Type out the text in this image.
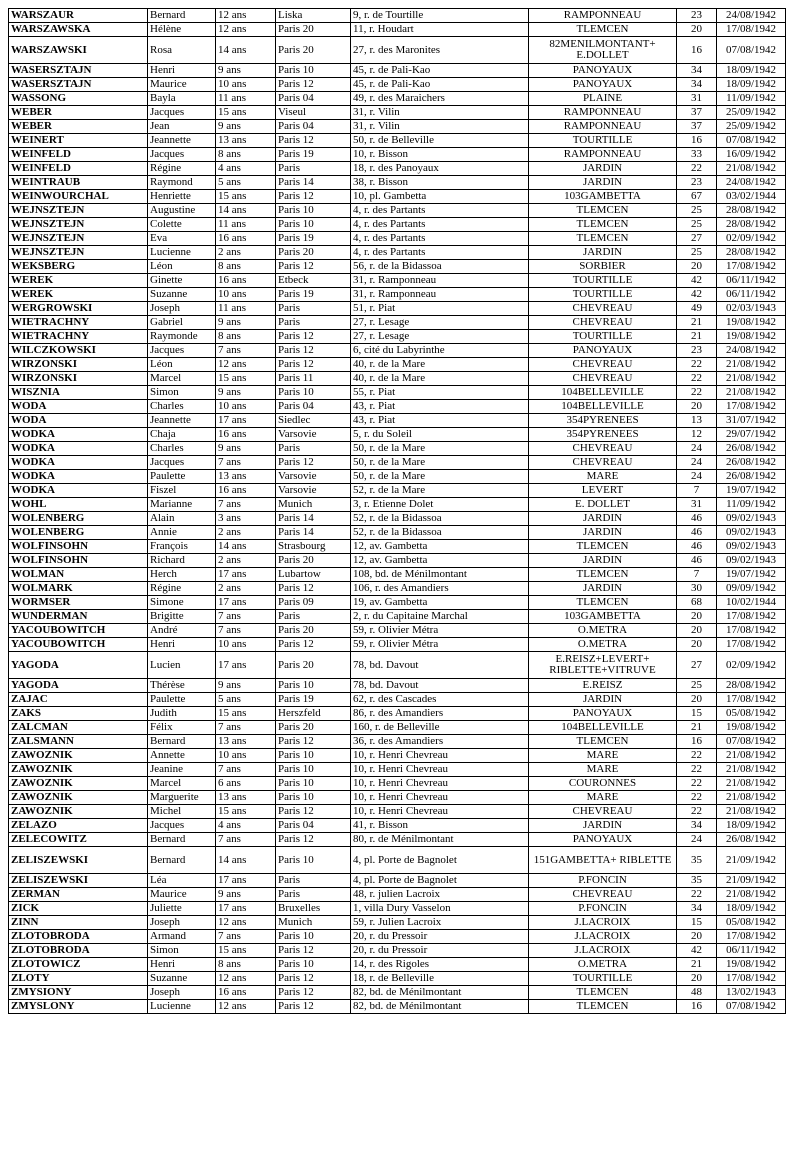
WARSZAUR	Bernard	12 ans	Liska	9, r. de Tourtille	RAMPONNEAU	23	24/08/1942
WARSZAWSKA	Hélène	12 ans	Paris 20	11, r. Houdart	TLEMCEN	20	17/08/1942
WARSZAWSKI	Rosa	14 ans	Paris 20	27, r. des Maronites	82MENILMONTANT+ E.DOLLET	16	07/08/1942
WASERSZTAJN	Henri	9 ans	Paris 10	45, r. de Pali-Kao	PANOYAUX	34	18/09/1942
WASERSZTAJN	Maurice	10 ans	Paris 12	45, r. de Pali-Kao	PANOYAUX	34	18/09/1942
WASSONG	Bayla	11 ans	Paris 04	49, r. des Maraichers	PLAINE	31	11/09/1942
WEBER	Jacques	15 ans	Viseul	31, r. Vilin	RAMPONNEAU	37	25/09/1942
WEBER	Jean	9 ans	Paris 04	31, r. Vilin	RAMPONNEAU	37	25/09/1942
WEINERT	Jeannette	13 ans	Paris 12	50, r. de Belleville	TOURTILLE	16	07/08/1942
WEINFELD	Jacques	8 ans	Paris 19	10, r. Bisson	RAMPONNEAU	33	16/09/1942
WEINFELD	Régine	4 ans	Paris	18, r. des Panoyaux	JARDIN	22	21/08/1942
WEINTRAUB	Raymond	5 ans	Paris 14	38, r. Bisson	JARDIN	23	24/08/1942
WEINWOURCHAL	Henriette	15 ans	Paris 12	10, pl. Gambetta	103GAMBETTA	67	03/02/1944
WEJNSZTEJN	Augustine	14 ans	Paris 10	4, r. des Partants	TLEMCEN	25	28/08/1942
WEJNSZTEJN	Colette	11 ans	Paris 10	4, r. des Partants	TLEMCEN	25	28/08/1942
WEJNSZTEJN	Eva	16 ans	Paris 19	4, r. des Partants	TLEMCEN	27	02/09/1942
WEJNSZTEJN	Lucienne	2 ans	Paris 20	4, r. des Partants	JARDIN	25	28/08/1942
WEKSBERG	Léon	8 ans	Paris 12	56, r. de la Bidassoa	SORBIER	20	17/08/1942
WEREK	Ginette	16 ans	Etbeck	31, r. Ramponneau	TOURTILLE	42	06/11/1942
WEREK	Suzanne	10 ans	Paris 19	31, r. Ramponneau	TOURTILLE	42	06/11/1942
WERGROWSKI	Joseph	11 ans	Paris	51, r. Piat	CHEVREAU	49	02/03/1943
WIETRACHNY	Gabriel	9 ans	Paris	27, r. Lesage	CHEVREAU	21	19/08/1942
WIETRACHNY	Raymonde	8 ans	Paris 12	27, r. Lesage	TOURTILLE	21	19/08/1942
WILCZKOWSKI	Jacques	7 ans	Paris 12	6, cité du Labyrinthe	PANOYAUX	23	24/08/1942
WIRZONSKI	Léon	12 ans	Paris 12	40, r. de la Mare	CHEVREAU	22	21/08/1942
WIRZONSKI	Marcel	15 ans	Paris 11	40, r. de la Mare	CHEVREAU	22	21/08/1942
WISZNIA	Simon	9 ans	Paris 10	55, r. Piat	104BELLEVILLE	22	21/08/1942
WODA	Charles	10 ans	Paris 04	43, r. Piat	104BELLEVILLE	20	17/08/1942
WODA	Jeannette	17 ans	Siedlec	43, r. Piat	354PYRENEES	13	31/07/1942
WODKA	Chaja	16 ans	Varsovie	5, r. du Soleil	354PYRENEES	12	29/07/1942
WODKA	Charles	9 ans	Paris	50, r. de la Mare	CHEVREAU	24	26/08/1942
WODKA	Jacques	7 ans	Paris 12	50, r. de la Mare	CHEVREAU	24	26/08/1942
WODKA	Paulette	13 ans	Varsovie	50, r. de la Mare	MARE	24	26/08/1942
WODKA	Fiszel	16 ans	Varsovie	52, r. de la Mare	LEVERT	7	19/07/1942
WOHL	Marianne	7 ans	Munich	3, r. Etienne Dolet	E. DOLLET	31	11/09/1942
WOLENBERG	Alain	3 ans	Paris 14	52, r. de la Bidassoa	JARDIN	46	09/02/1943
WOLENBERG	Annie	2 ans	Paris 14	52, r. de la Bidassoa	JARDIN	46	09/02/1943
WOLFINSOHN	François	14 ans	Strasbourg	12, av. Gambetta	TLEMCEN	46	09/02/1943
WOLFINSOHN	Richard	2 ans	Paris 20	12, av. Gambetta	JARDIN	46	09/02/1943
WOLMAN	Herch	17 ans	Lubartow	108, bd. de Ménilmontant	TLEMCEN	7	19/07/1942
WOLMARK	Régine	2 ans	Paris 12	106, r. des Amandiers	JARDIN	30	09/09/1942
WORMSER	Simone	17 ans	Paris 09	19, av. Gambetta	TLEMCEN	68	10/02/1944
WUNDERMAN	Brigitte	7 ans	Paris	2, r. du Capitaine Marchal	103GAMBETTA	20	17/08/1942
YACOUBOWITCH	André	7 ans	Paris 20	59, r. Olivier Métra	O.METRA	20	17/08/1942
YACOUBOWITCH	Henri	10 ans	Paris 12	59, r. Olivier Métra	O.METRA	20	17/08/1942
YAGODA	Lucien	17 ans	Paris 20	78, bd. Davout	E.REISZ+LEVERT+ RIBLETTE+VITRUVE	27	02/09/1942
YAGODA	Thérèse	9 ans	Paris 10	78, bd. Davout	E.REISZ	25	28/08/1942
ZAJAC	Paulette	5 ans	Paris 19	62, r. des Cascades	JARDIN	20	17/08/1942
ZAKS	Judith	15 ans	Herszfeld	86, r. des Amandiers	PANOYAUX	15	05/08/1942
ZALCMAN	Félix	7 ans	Paris 20	160, r. de Belleville	104BELLEVILLE	21	19/08/1942
ZALSMANN	Bernard	13 ans	Paris 12	36, r. des Amandiers	TLEMCEN	16	07/08/1942
ZAWOZNIK	Annette	10 ans	Paris 10	10, r. Henri Chevreau	MARE	22	21/08/1942
ZAWOZNIK	Jeanine	7 ans	Paris 10	10, r. Henri Chevreau	MARE	22	21/08/1942
ZAWOZNIK	Marcel	6 ans	Paris 10	10, r. Henri Chevreau	COURONNES	22	21/08/1942
ZAWOZNIK	Marguerite	13 ans	Paris 10	10, r. Henri Chevreau	MARE	22	21/08/1942
ZAWOZNIK	Michel	15 ans	Paris 12	10, r. Henri Chevreau	CHEVREAU	22	21/08/1942
ZELAZO	Jacques	4 ans	Paris 04	41, r. Bisson	JARDIN	34	18/09/1942
ZELECOWITZ	Bernard	7 ans	Paris 12	80, r. de Ménilmontant	PANOYAUX	24	26/08/1942
ZELISZEWSKI	Bernard	14 ans	Paris 10	4, pl. Porte de Bagnolet	151GAMBETTA+ RIBLETTE	35	21/09/1942
ZELISZEWSKI	Léa	17 ans	Paris	4, pl. Porte de Bagnolet	P.FONCIN	35	21/09/1942
ZERMAN	Maurice	9 ans	Paris	48, r. julien Lacroix	CHEVREAU	22	21/08/1942
ZICK	Juliette	17 ans	Bruxelles	1, villa Dury Vasselon	P.FONCIN	34	18/09/1942
ZINN	Joseph	12 ans	Munich	59, r. Julien Lacroix	J.LACROIX	15	05/08/1942
ZLOTOBRODA	Armand	7 ans	Paris 10	20, r. du Pressoir	J.LACROIX	20	17/08/1942
ZLOTOBRODA	Simon	15 ans	Paris 12	20, r. du Pressoir	J.LACROIX	42	06/11/1942
ZLOTOWICZ	Henri	8 ans	Paris 10	14, r. des Rigoles	O.METRA	21	19/08/1942
ZLOTY	Suzanne	12 ans	Paris 12	18, r. de Belleville	TOURTILLE	20	17/08/1942
ZMYSIONY	Joseph	16 ans	Paris 12	82, bd. de Ménilmontant	TLEMCEN	48	13/02/1943
ZMYSLONY	Lucienne	12 ans	Paris 12	82, bd. de Ménilmontant	TLEMCEN	16	07/08/1942
